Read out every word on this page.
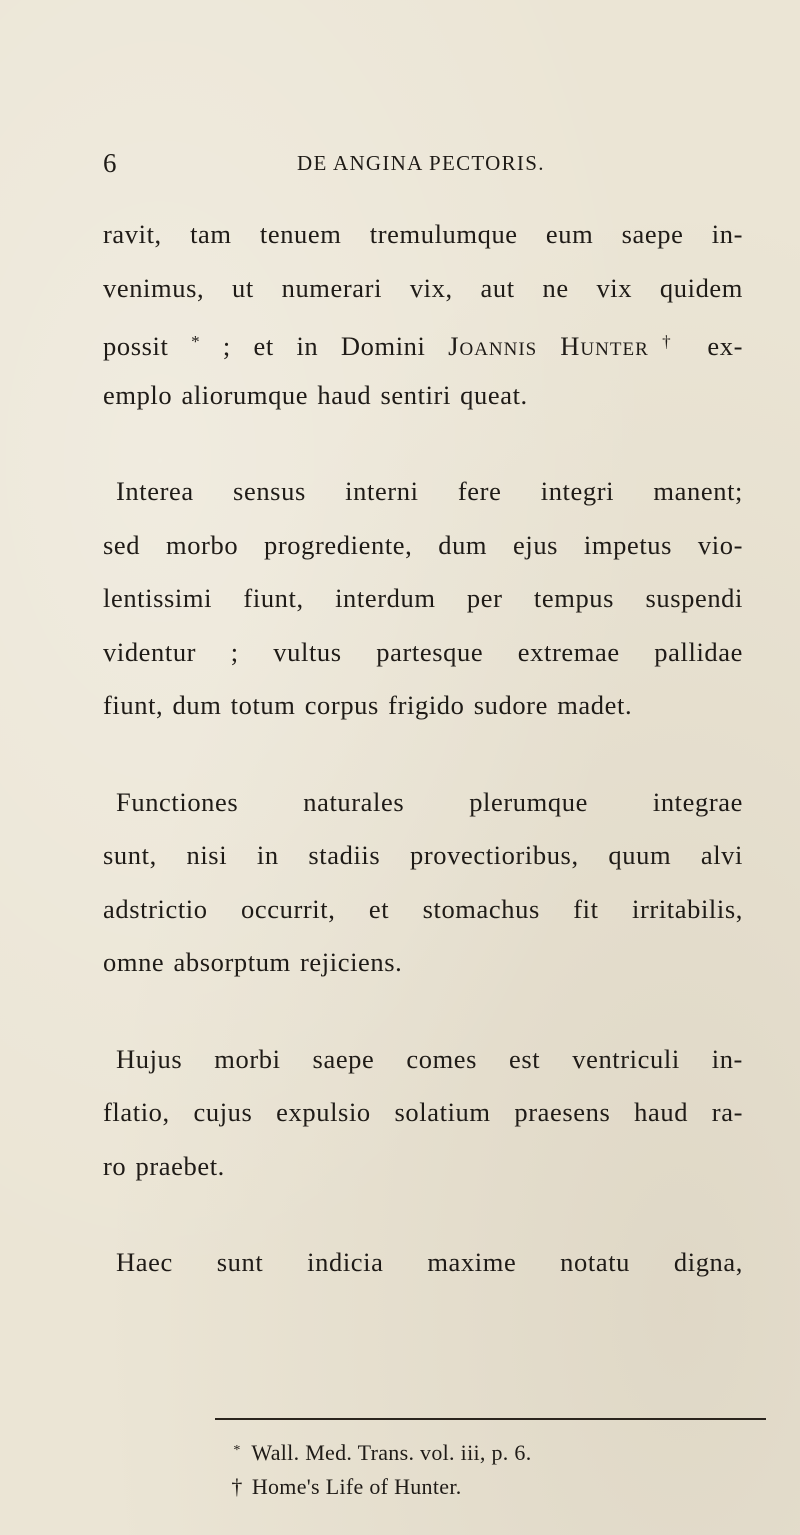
6	DE ANGINA PECTORIS.
ravit, tam tenuem tremulumque eum saepe in-
venimus, ut numerari vix, aut ne vix quidem
possit * ; et in Domini Joannis Hunter† ex-
emplo aliorumque haud sentiri queat.
Interea sensus interni fere integri manent;
sed morbo progrediente, dum ejus impetus vio-
lentissimi fiunt, interdum per tempus suspendi
videntur ; vultus partesque extremae pallidae
fiunt, dum totum corpus frigido sudore madet.
Functiones naturales plerumque integrae
sunt, nisi in stadiis provectioribus, quum alvi
adstrictio occurrit, et stomachus fit irritabilis,
omne absorptum rejiciens.
Hujus morbi saepe comes est ventriculi in-
flatio, cujus expulsio solatium praesens haud ra-
ro praebet.
Haec sunt indicia maxime notatu digna,
* Wall. Med. Trans. vol. iii, p. 6.
† Home's Life of Hunter.
